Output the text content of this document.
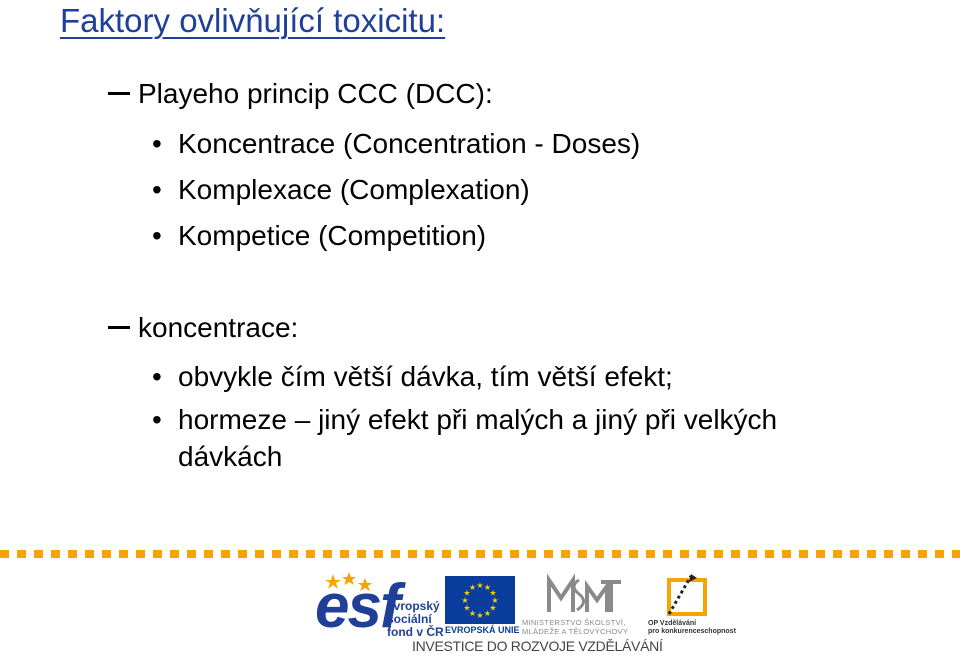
Faktory ovlivňující toxicitu:
Playeho princip CCC (DCC):
• Koncentrace (Concentration - Doses)
• Komplexace (Complexation)
• Kompetice (Competition)
koncentrace:
• obvykle čím větší dávka, tím větší efekt;
• hormeze – jiný efekt při malých a jiný při velkých
dávkách
esf
evropský
sociální
fond v ČR
★
★
★
★
★
★
★
★
★ ★ ★
★
EVROPSKÁ UNIE
MINISTERSTVO ŠKOLSTVÍ,
MLÁDEŽE A TĚLOVÝCHOVY
OP Vzdělávání
pro konkurenceschopnost
INVESTICE DO ROZVOJE VZDĚLÁVÁNÍ
